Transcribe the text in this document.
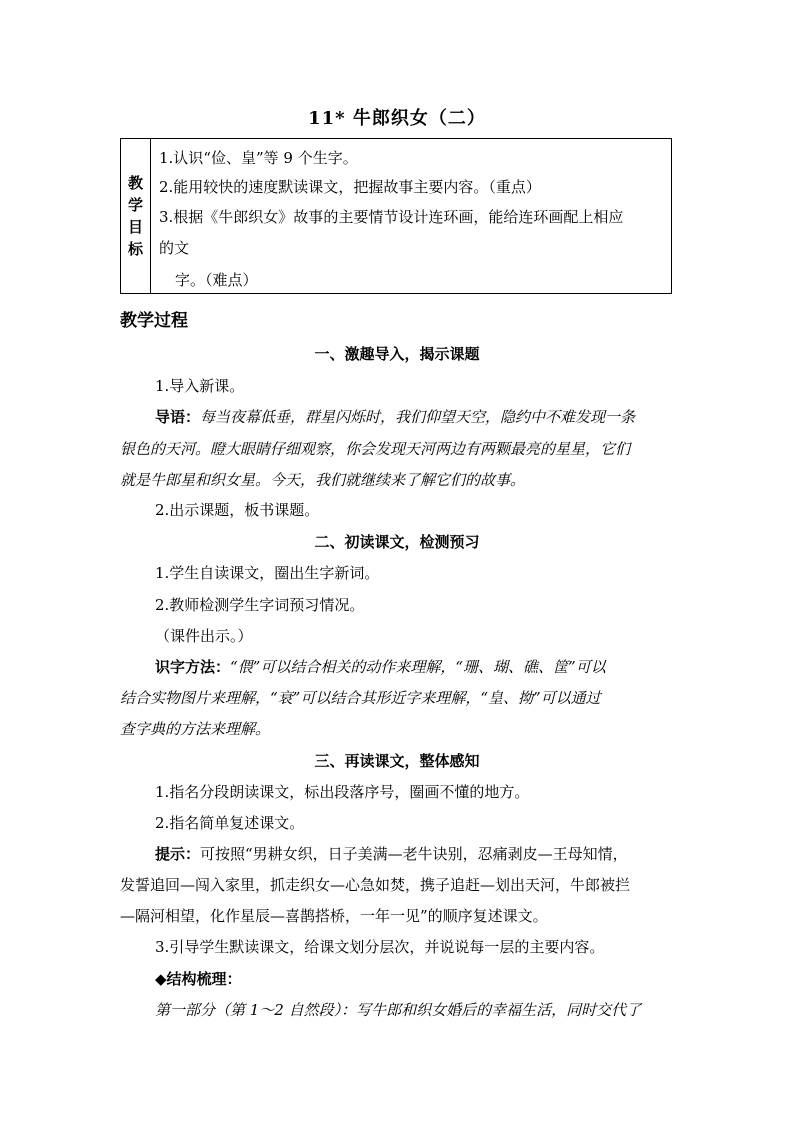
11* 牛郎织女（二）
教
学
目
标
1.认识“俭、皇”等 9 个生字。
2.能用较快的速度默读课文，把握故事主要内容。（重点）
3.根据《牛郎织女》故事的主要情节设计连环画，能给连环画配上相应
的文
字。（难点）
教学过程
一、激趣导入，揭示课题
1.导入新课。
导语：每当夜幕低垂，群星闪烁时，我们仰望天空，隐约中不难发现一条
银色的天河。瞪大眼睛仔细观察，你会发现天河两边有两颗最亮的星星，它们
就是牛郎星和织女星。今天，我们就继续来了解它们的故事。
2.出示课题，板书课题。
二、初读课文，检测预习
1.学生自读课文，圈出生字新词。
2.教师检测学生字词预习情况。
（课件出示。）
识字方法：“偎”可以结合相关的动作来理解，“珊、瑚、礁、筐”可以
结合实物图片来理解，“衰”可以结合其形近字来理解，“皇、拗”可以通过
查字典的方法来理解。
三、再读课文，整体感知
1.指名分段朗读课文，标出段落序号，圈画不懂的地方。
2.指名简单复述课文。
提示：可按照“男耕女织，日子美满—老牛诀别，忍痛剥皮—王母知情，
发誓追回—闯入家里，抓走织女—心急如焚，携子追赶—划出天河，牛郎被拦
—隔河相望，化作星辰—喜鹊搭桥，一年一见”的顺序复述课文。
3.引导学生默读课文，给课文划分层次，并说说每一层的主要内容。
◆结构梳理：
第一部分（第 1～2 自然段）：写牛郎和织女婚后的幸福生活，同时交代了
